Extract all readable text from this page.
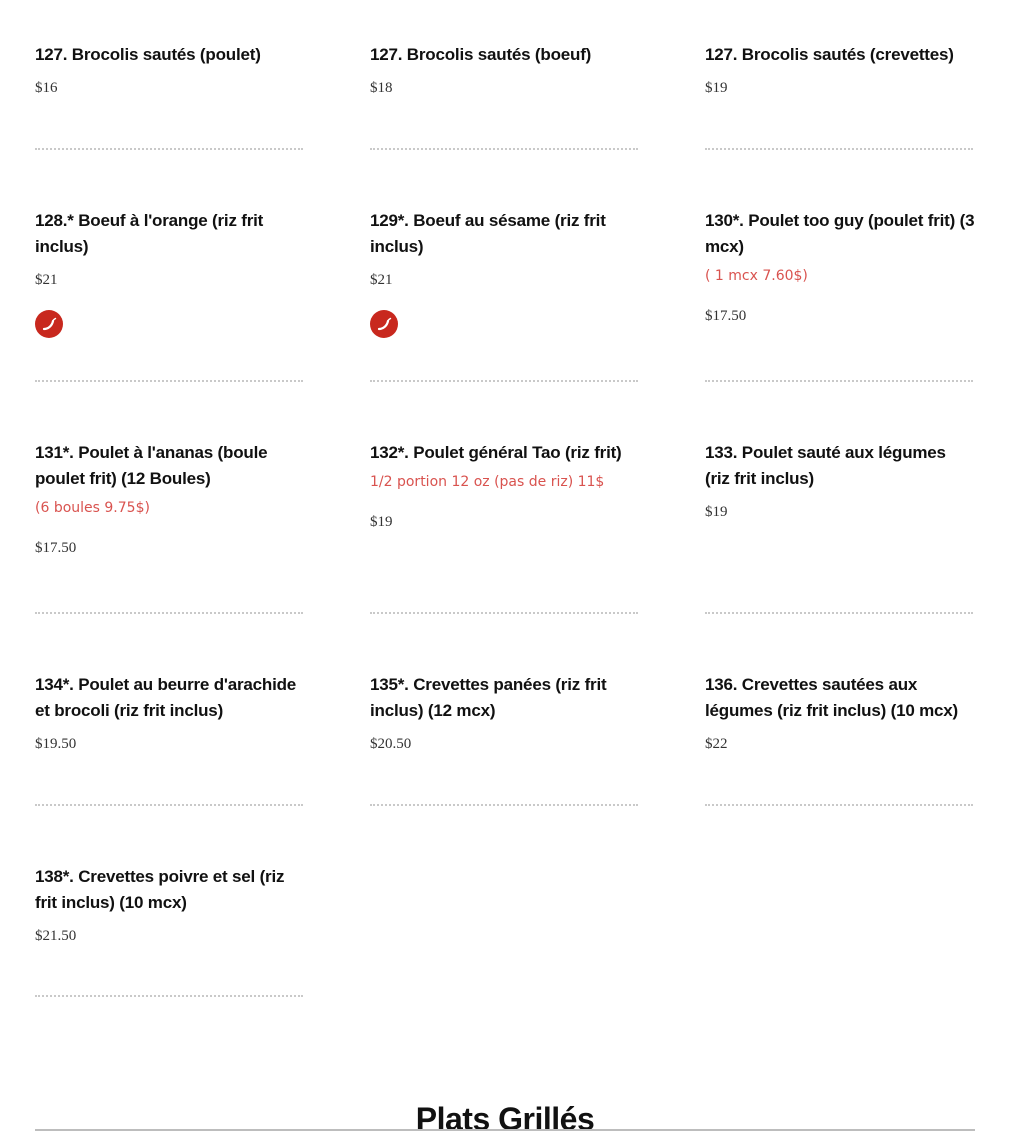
127. Brocolis sautés (poulet)
$16
127. Brocolis sautés (boeuf)
$18
127. Brocolis sautés (crevettes)
$19
128.* Boeuf à l'orange (riz frit inclus)
$21
129*. Boeuf au sésame (riz frit inclus)
$21
130*. Poulet too guy (poulet frit) (3 mcx)
( 1 mcx 7.60$)
$17.50
131*. Poulet à l'ananas (boule poulet frit) (12 Boules)
(6 boules 9.75$)
$17.50
132*. Poulet général Tao (riz frit)
1/2 portion 12 oz (pas de riz) 11$
$19
133. Poulet sauté aux légumes (riz frit inclus)
$19
134*. Poulet au beurre d'arachide et brocoli (riz frit inclus)
$19.50
135*. Crevettes panées (riz frit inclus) (12 mcx)
$20.50
136. Crevettes sautées aux légumes (riz frit inclus) (10 mcx)
$22
138*. Crevettes poivre et sel (riz frit inclus) (10 mcx)
$21.50
Plats Grillés
